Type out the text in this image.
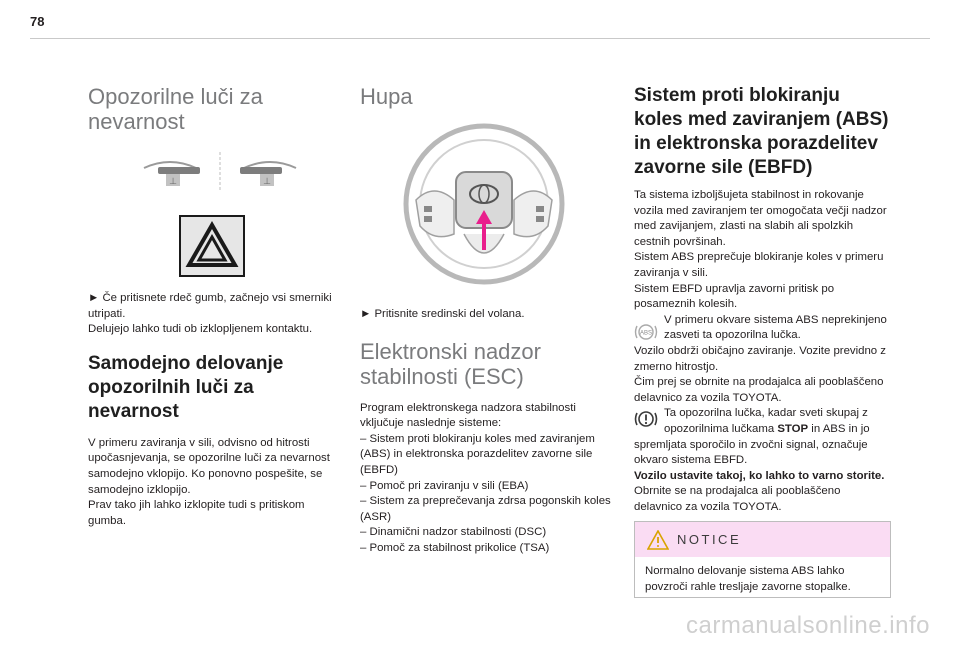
78
Opozorilne luči za nevarnost
⊥	⊥

► Če pritisnete rdeč gumb, začnejo vsi smerniki utripati.

Delujejo lahko tudi ob izklopljenem kontaktu.

Samodejno delovanje opozorilnih luči za nevarnost

V primeru zaviranja v sili, odvisno od hitrosti upočasnjevanja, se opozorilne luči za nevarnost samodejno vklopijo. Ko ponovno pospešite, se samodejno izklopijo.

Prav tako jih lahko izklopite tudi s pritiskom gumba.

Hupa

► Pritisnite sredinski del volana.

Elektronski nadzor stabilnosti (ESC)

Program elektronskega nadzora stabilnosti vključuje naslednje sisteme:

– Sistem proti blokiranju koles med zaviranjem (ABS) in elektronska porazdelitev zavorne sile (EBFD)

– Pomoč pri zaviranju v sili (EBA)

– Sistem za preprečevanja zdrsa pogonskih koles (ASR)

– Dinamični nadzor stabilnosti (DSC)

– Pomoč za stabilnost prikolice (TSA)

Sistem proti blokiranju koles med zaviranjem (ABS) in elektronska porazdelitev zavorne sile (EBFD)

Ta sistema izboljšujeta stabilnost in rokovanje vozila med zaviranjem ter omogočata večji nadzor med zavijanjem, zlasti na slabih ali spolzkih cestnih površinah.

Sistem ABS preprečuje blokiranje koles v primeru zaviranja v sili.

Sistem EBFD upravlja zavorni pritisk po posameznih kolesih.

ABS
V primeru okvare sistema ABS neprekinjeno zasveti ta opozorilna lučka.

Vozilo obdrži običajno zaviranje. Vozite previdno z zmerno hitrostjo.

Čim prej se obrnite na prodajalca ali pooblaščeno delavnico za vozila TOYOTA.

Ta opozorilna lučka, kadar sveti skupaj z opozorilnima lučkama STOP in ABS in jo spremljata sporočilo in zvočni signal, označuje okvaro sistema EBFD.

Vozilo ustavite takoj, ko lahko to varno storite.

Obrnite se na prodajalca ali pooblaščeno delavnico za vozila TOYOTA.

NOTICE
Normalno delovanje sistema ABS lahko povzroči rahle tresljaje zavorne stopalke.
carmanualsonline.info
